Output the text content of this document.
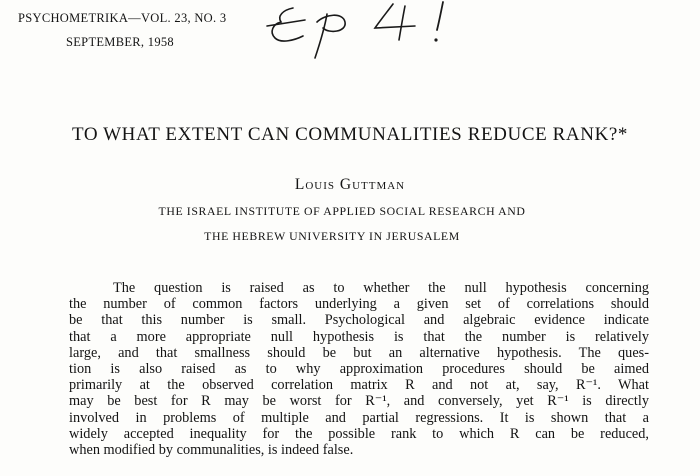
PSYCHOMETRIKA—VOL. 23, NO. 3
SEPTEMBER, 1958
TO WHAT EXTENT CAN COMMUNALITIES REDUCE RANK?*
Louis Guttman
THE ISRAEL INSTITUTE OF APPLIED SOCIAL RESEARCH AND
THE HEBREW UNIVERSITY IN JERUSALEM
The question is raised as to whether the null hypothesis concerning
the number of common factors underlying a given set of correlations should
be that this number is small. Psychological and algebraic evidence indicate
that a more appropriate null hypothesis is that the number is relatively
large, and that smallness should be but an alternative hypothesis. The ques-
tion is also raised as to why approximation procedures should be aimed
primarily at the observed correlation matrix R and not at, say, R⁻¹. What
may be best for R may be worst for R⁻¹, and conversely, yet R⁻¹ is directly
involved in problems of multiple and partial regressions. It is shown that a
widely accepted inequality for the possible rank to which R can be reduced,
when modified by communalities, is indeed false.
